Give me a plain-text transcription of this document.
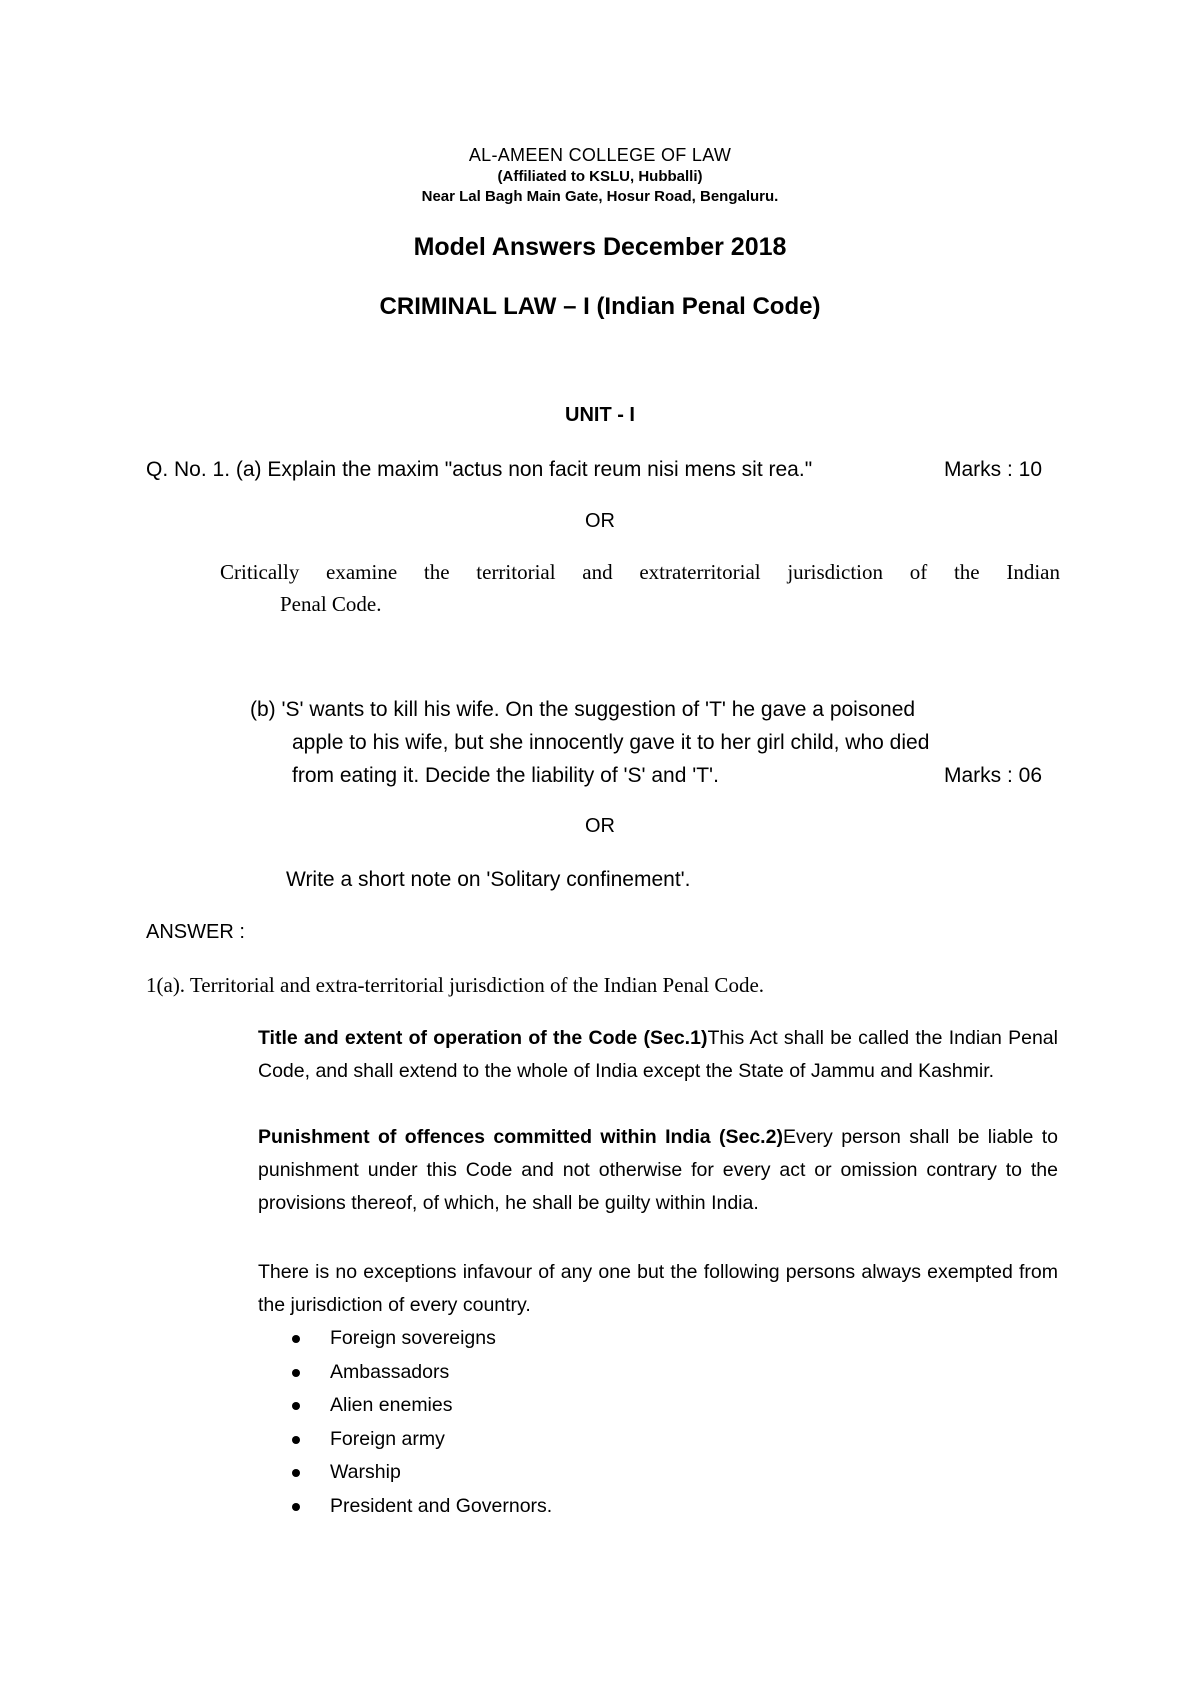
AL-AMEEN COLLEGE OF LAW
(Affiliated to KSLU, Hubballi)
Near Lal Bagh Main Gate, Hosur Road, Bengaluru.
Model Answers December 2018
CRIMINAL LAW – I (Indian Penal Code)
UNIT - I
Q. No. 1. (a) Explain the maxim "actus non facit reum nisi mens sit rea."	Marks : 10
OR
Critically examine the territorial and extraterritorial jurisdiction of the Indian
Penal Code.
(b) 'S' wants to kill his wife. On the suggestion of 'T' he gave a poisoned
apple to his wife, but she innocently gave it to her girl child, who died
from eating it. Decide the liability of 'S' and 'T'.	Marks : 06
OR
Write a short note on 'Solitary confinement'.
ANSWER :
1(a). Territorial and extra-territorial jurisdiction of the Indian Penal Code.
Title and extent of operation of the Code (Sec.1)This Act shall be called the Indian Penal Code, and shall extend to the whole of India except the State of Jammu and Kashmir.
Punishment of offences committed within India (Sec.2)Every person shall be liable to punishment under this Code and not otherwise for every act or omission contrary to the provisions thereof, of which, he shall be guilty within India.
There is no exceptions infavour of any one but the following persons always exempted from the jurisdiction of every country.
Foreign sovereigns
Ambassadors
Alien enemies
Foreign army
Warship
President and Governors.
